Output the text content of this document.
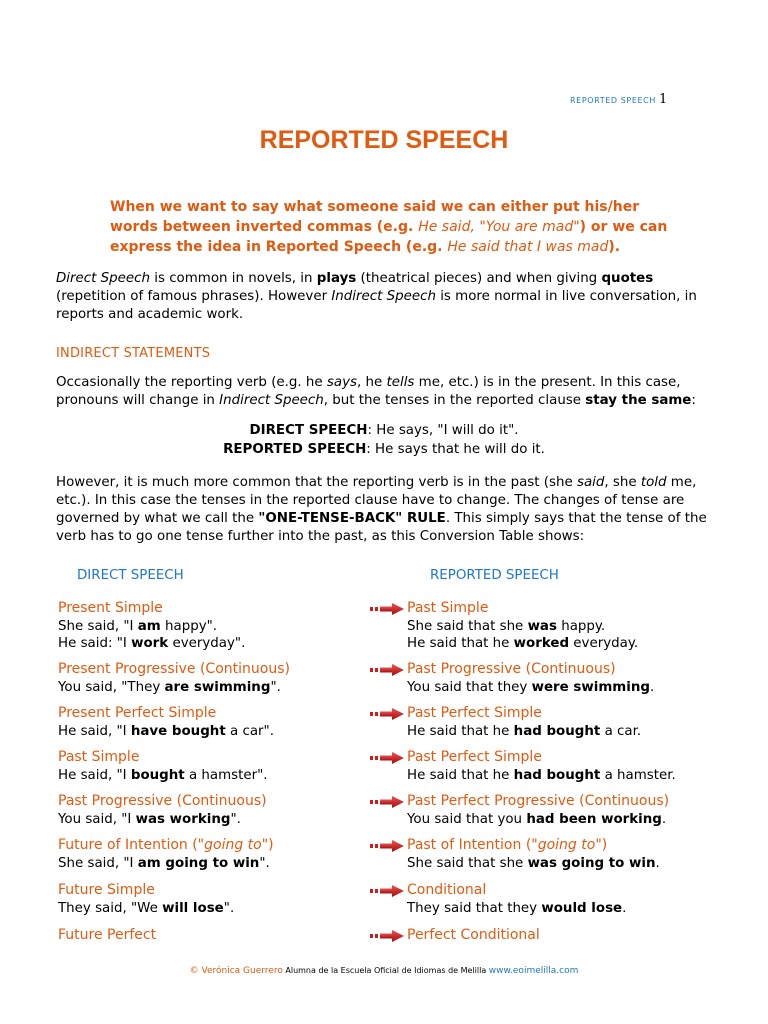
REPORTED SPEECH 1
REPORTED SPEECH
When we want to say what someone said we can either put his/her words between inverted commas (e.g. He said, "You are mad") or we can express the idea in Reported Speech (e.g. He said that I was mad).
Direct Speech is common in novels, in plays (theatrical pieces) and when giving quotes (repetition of famous phrases). However Indirect Speech is more normal in live conversation, in reports and academic work.
INDIRECT STATEMENTS
Occasionally the reporting verb (e.g. he says, he tells me, etc.) is in the present. In this case, pronouns will change in Indirect Speech, but the tenses in the reported clause stay the same:
DIRECT SPEECH: He says, "I will do it".
REPORTED SPEECH: He says that he will do it.
However, it is much more common that the reporting verb is in the past (she said, she told me, etc.). In this case the tenses in the reported clause have to change. The changes of tense are governed by what we call the "ONE-TENSE-BACK" RULE. This simply says that the tense of the verb has to go one tense further into the past, as this Conversion Table shows:
DIRECT SPEECH	REPORTED SPEECH
Present Simple
She said, "I am happy".
He said: "I work everyday".
Past Simple
She said that she was happy.
He said that he worked everyday.
Present Progressive (Continuous)
You said, "They are swimming".
Past Progressive (Continuous)
You said that they were swimming.
Present Perfect Simple
He said, "I have bought a car".
Past Perfect Simple
He said that he had bought a car.
Past Simple
He said, "I bought a hamster".
Past Perfect Simple
He said that he had bought a hamster.
Past Progressive (Continuous)
You said, "I was working".
Past Perfect Progressive (Continuous)
You said that you had been working.
Future of Intention ("going to")
She said, "I am going to win".
Past of Intention ("going to")
She said that she was going to win.
Future Simple
They said, "We will lose".
Conditional
They said that they would lose.
Future Perfect	Perfect Conditional
© Verónica Guerrero Alumna de la Escuela Oficial de Idiomas de Melilla www.eoimelilla.com
